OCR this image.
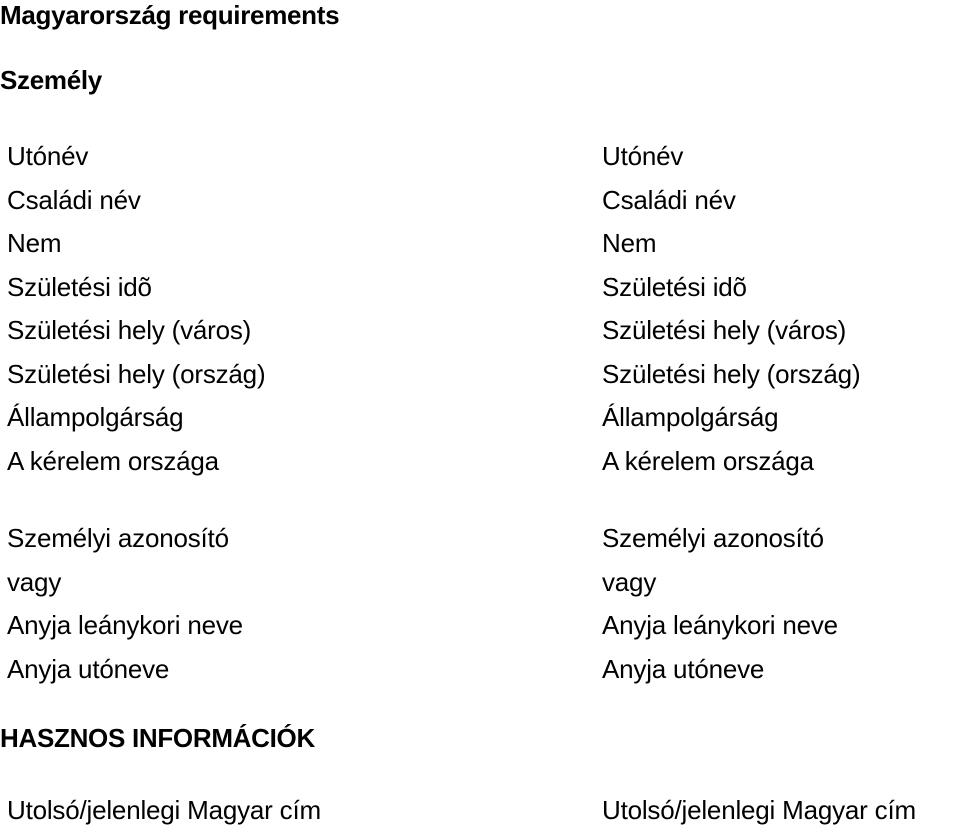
Magyarország requirements
Személy
Utónév
Családi név
Nem
Születési idõ
Születési hely (város)
Születési hely (ország)
Állampolgárság
A kérelem országa
Utónév
Családi név
Nem
Születési idõ
Születési hely (város)
Születési hely (ország)
Állampolgárság
A kérelem országa
Személyi azonosító
vagy
Anyja leánykori neve
Anyja utóneve
Személyi azonosító
vagy
Anyja leánykori neve
Anyja utóneve
HASZNOS INFORMÁCIÓK
Utolsó/jelenlegi Magyar cím	Utolsó/jelenlegi Magyar cím
